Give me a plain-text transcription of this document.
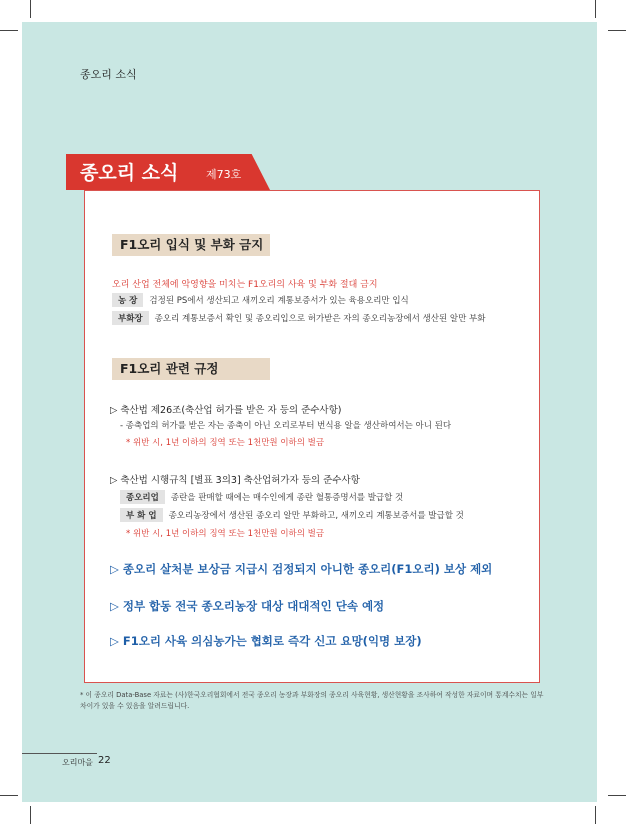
종오리 소식
종오리 소식	제73호
F1오리 입식 및 부화 금지
오리 산업 전체에 악영향을 미치는 F1오리의 사육 및 부화 절대 금지
농 장 검정된 PS에서 생산되고 새끼오리 계통보증서가 있는 육용오리만 입식
부화장 종오리 계통보증서 확인 및 종오리입으로 허가받은 자의 종오리농장에서 생산된 알만 부화
F1오리 관련 규정
▷ 축산법 제26조(축산업 허가를 받은 자 등의 준수사항)
- 종축업의 허가를 받은 자는 종축이 아닌 오리로부터 번식용 알을 생산하여서는 아니 된다
* 위반 시, 1년 이하의 징역 또는 1천만원 이하의 벌금
▷ 축산법 시행규칙 [별표 3의3] 축산업허가자 등의 준수사항
종오리업 종란을 판매할 때에는 매수인에게 종란 혈통증명서를 발급할 것
부 화 업 종오리농장에서 생산된 종오리 알만 부화하고, 새끼오리 계통보증서를 발급할 것
* 위반 시, 1년 이하의 징역 또는 1천만원 이하의 벌금
▷ 종오리 살처분 보상금 지급시 검정되지 아니한 종오리(F1오리) 보상 제외
▷ 정부 합동 전국 종오리농장 대상 대대적인 단속 예정
▷ F1오리 사육 의심농가는 협회로 즉각 신고 요망(익명 보장)
* 이 종오리 Data-Base 자료는 (사)한국오리협회에서 전국 종오리 농장과 부화장의 종오리 사육현황, 생산현황을 조사하여 작성한 자료이며 통계수치는 일부 차이가 있을 수 있음을 알려드립니다.
오리마을 22
